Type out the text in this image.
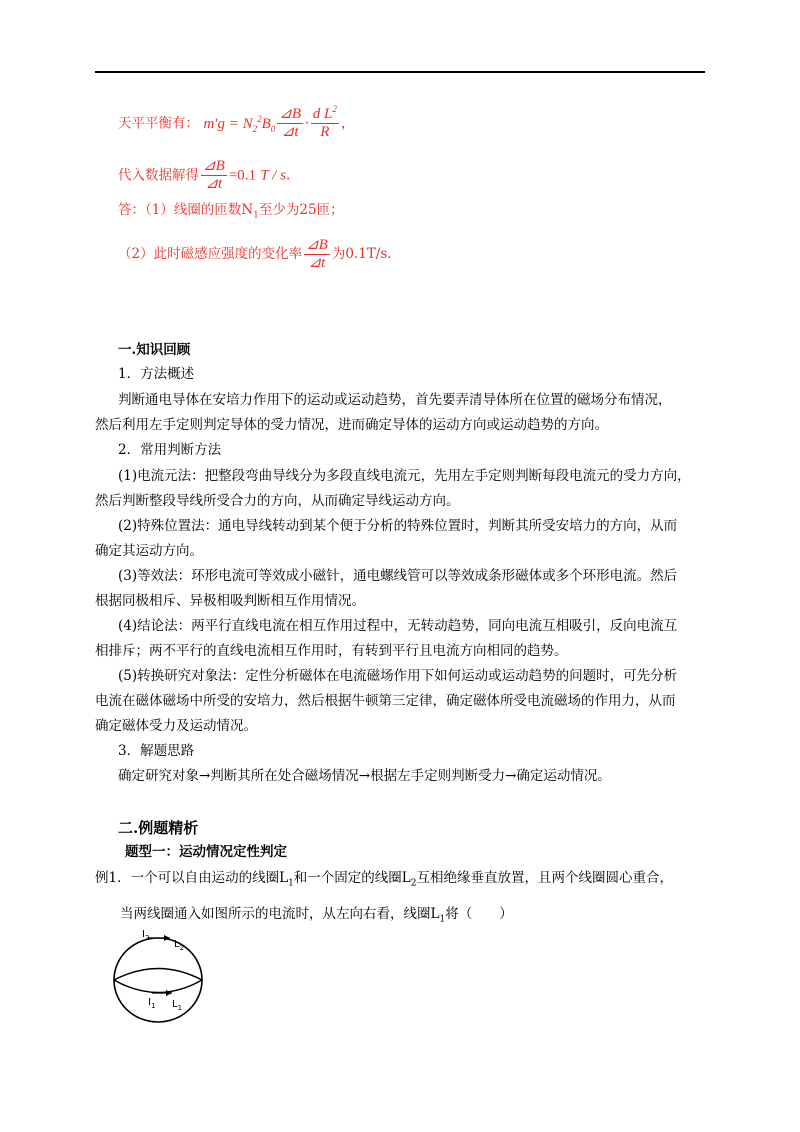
天平平衡有： $m'g = N_2^2B_0 \frac{⊿B}{⊿t} \cdot \frac{d L^2}{R}$ ，
代入数据解得 $\frac{⊿B}{⊿t} =0.1$ T / s.
答：（1）线圈的匝数$N_1$至少为25匝；
（2）此时磁感应强度的变化率 $\frac{⊿B}{⊿t}$ 为0.1T/s.
一.知识回顾
1．方法概述
判断通电导体在安培力作用下的运动或运动趋势，首先要弄清导体所在位置的磁场分布情况，
然后利用左手定则判定导体的受力情况，进而确定导体的运动方向或运动趋势的方向。
2．常用判断方法
(1)电流元法：把整段弯曲导线分为多段直线电流元，先用左手定则判断每段电流元的受力方向，
然后判断整段导线所受合力的方向，从而确定导线运动方向。
(2)特殊位置法：通电导线转动到某个便于分析的特殊位置时，判断其所受安培力的方向，从而
确定其运动方向。
(3)等效法：环形电流可等效成小磁针，通电螺线管可以等效成条形磁体或多个环形电流。然后
根据同极相斥、异极相吸判断相互作用情况。
(4)结论法：两平行直线电流在相互作用过程中，无转动趋势，同向电流互相吸引，反向电流互
相排斥；两不平行的直线电流相互作用时，有转到平行且电流方向相同的趋势。
(5)转换研究对象法：定性分析磁体在电流磁场作用下如何运动或运动趋势的问题时，可先分析
电流在磁体磁场中所受的安培力，然后根据牛顿第三定律，确定磁体所受电流磁场的作用力，从而
确定磁体受力及运动情况。
3．解题思路
确定研究对象→判断其所在处合磁场情况→根据左手定则判断受力→确定运动情况。
二.例题精析
题型一：运动情况定性判定
例1．一个可以自由运动的线圈$L_1$和一个固定的线圈$L_2$互相绝缘垂直放置，且两个线圈圆心重合，
当两线圈通入如图所示的电流时，从左向右看，线圈$L_1$将（　　）
$I_2$
$L_2$
$I_1$ $L_1$
